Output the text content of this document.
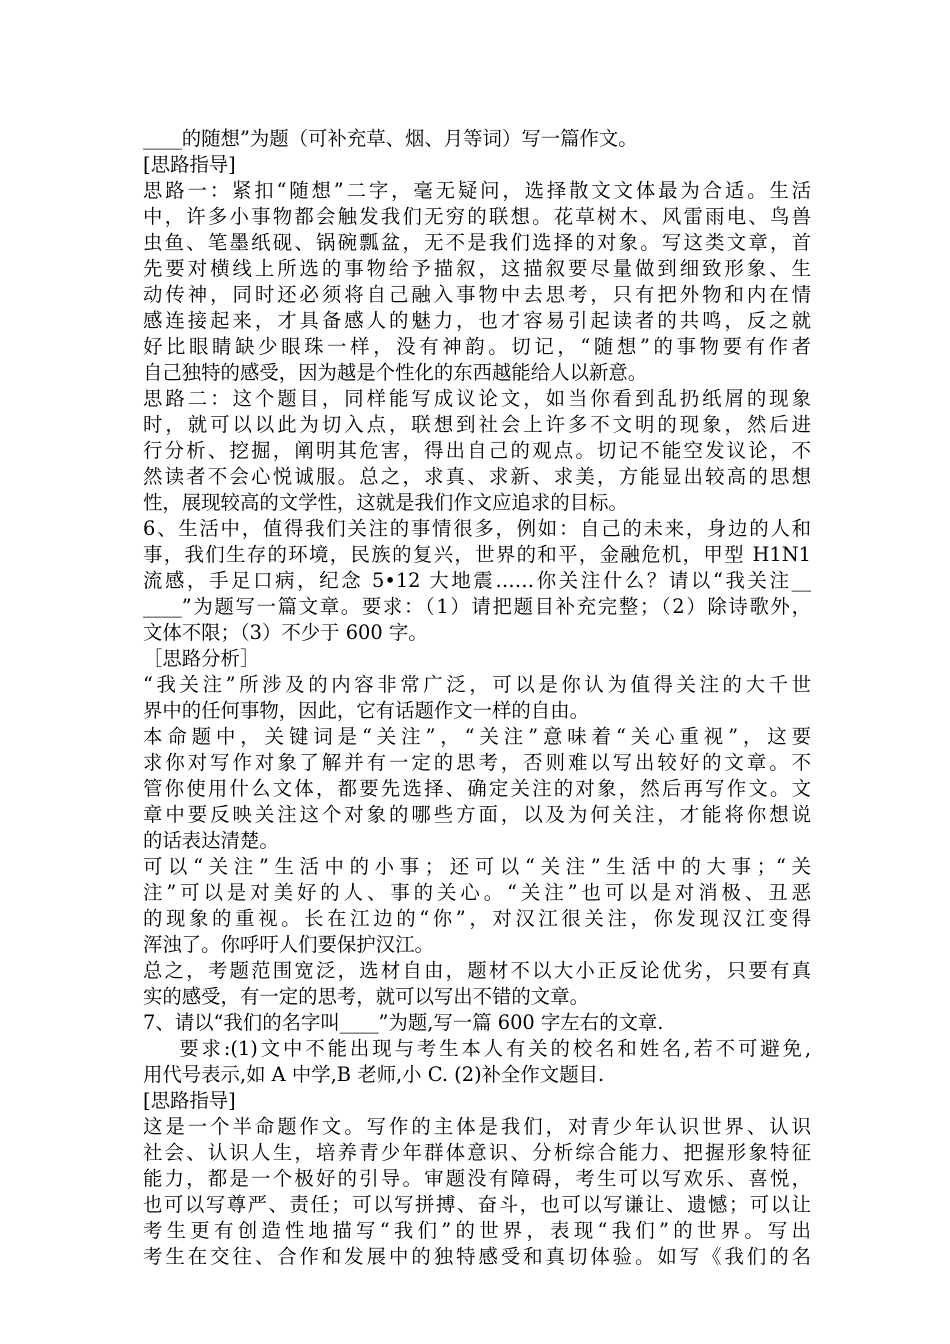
____的随想”为题（可补充草、烟、月等词）写一篇作文。
[思路指导]
思路一：紧扣“随想”二字，毫无疑问，选择散文文体最为合适。生活
中，许多小事物都会触发我们无穷的联想。花草树木、风雷雨电、鸟兽
虫鱼、笔墨纸砚、锅碗瓢盆，无不是我们选择的对象。写这类文章，首
先要对横线上所选的事物给予描叙，这描叙要尽量做到细致形象、生
动传神，同时还必须将自己融入事物中去思考，只有把外物和内在情
感连接起来，才具备感人的魅力，也才容易引起读者的共鸣，反之就
好比眼睛缺少眼珠一样，没有神韵。切记，“随想”的事物要有作者
自己独特的感受，因为越是个性化的东西越能给人以新意。
思路二：这个题目，同样能写成议论文，如当你看到乱扔纸屑的现象
时，就可以以此为切入点，联想到社会上许多不文明的现象，然后进
行分析、挖掘，阐明其危害，得出自己的观点。切记不能空发议论，不
然读者不会心悦诚服。总之，求真、求新、求美，方能显出较高的思想
性，展现较高的文学性，这就是我们作文应追求的目标。
6、生活中，值得我们关注的事情很多，例如：自己的未来，身边的人和
事，我们生存的环境，民族的复兴，世界的和平，金融危机，甲型 H1N1
流感，手足口病，纪念 5•12 大地震……你关注什么？请以“我关注__
____”为题写一篇文章。要求：（1）请把题目补充完整；（2）除诗歌外，
文体不限；（3）不少于 600 字。
［思路分析］
“我关注”所涉及的内容非常广泛，可以是你认为值得关注的大千世
界中的任何事物，因此，它有话题作文一样的自由。
本命题中，关键词是“关注”，“关注”意味着“关心重视”，这要
求你对写作对象了解并有一定的思考，否则难以写出较好的文章。不
管你使用什么文体，都要先选择、确定关注的对象，然后再写作文。文
章中要反映关注这个对象的哪些方面，以及为何关注，才能将你想说
的话表达清楚。
可以“关注”生活中的小事；还可以“关注”生活中的大事；“关
注”可以是对美好的人、事的关心。“关注”也可以是对消极、丑恶
的现象的重视。长在江边的“你”，对汉江很关注，你发现汉江变得
浑浊了。你呼吁人们要保护汉江。
总之，考题范围宽泛，选材自由，题材不以大小正反论优劣，只要有真
实的感受，有一定的思考，就可以写出不错的文章。
7、请以“我们的名字叫____”为题,写一篇 600 字左右的文章.
要求:(1)文中不能出现与考生本人有关的校名和姓名,若不可避免,
用代号表示,如 A 中学,B 老师,小 C. (2)补全作文题目.
[思路指导]
这是一个半命题作文。写作的主体是我们，对青少年认识世界、认识
社会、认识人生，培养青少年群体意识、分析综合能力、把握形象特征
能力，都是一个极好的引导。审题没有障碍，考生可以写欢乐、喜悦，
也可以写尊严、责任；可以写拼搏、奋斗，也可以写谦让、遗憾；可以让
考生更有创造性地描写“我们”的世界，表现“我们”的世界。写出
考生在交往、合作和发展中的独特感受和真切体验。如写《我们的名
